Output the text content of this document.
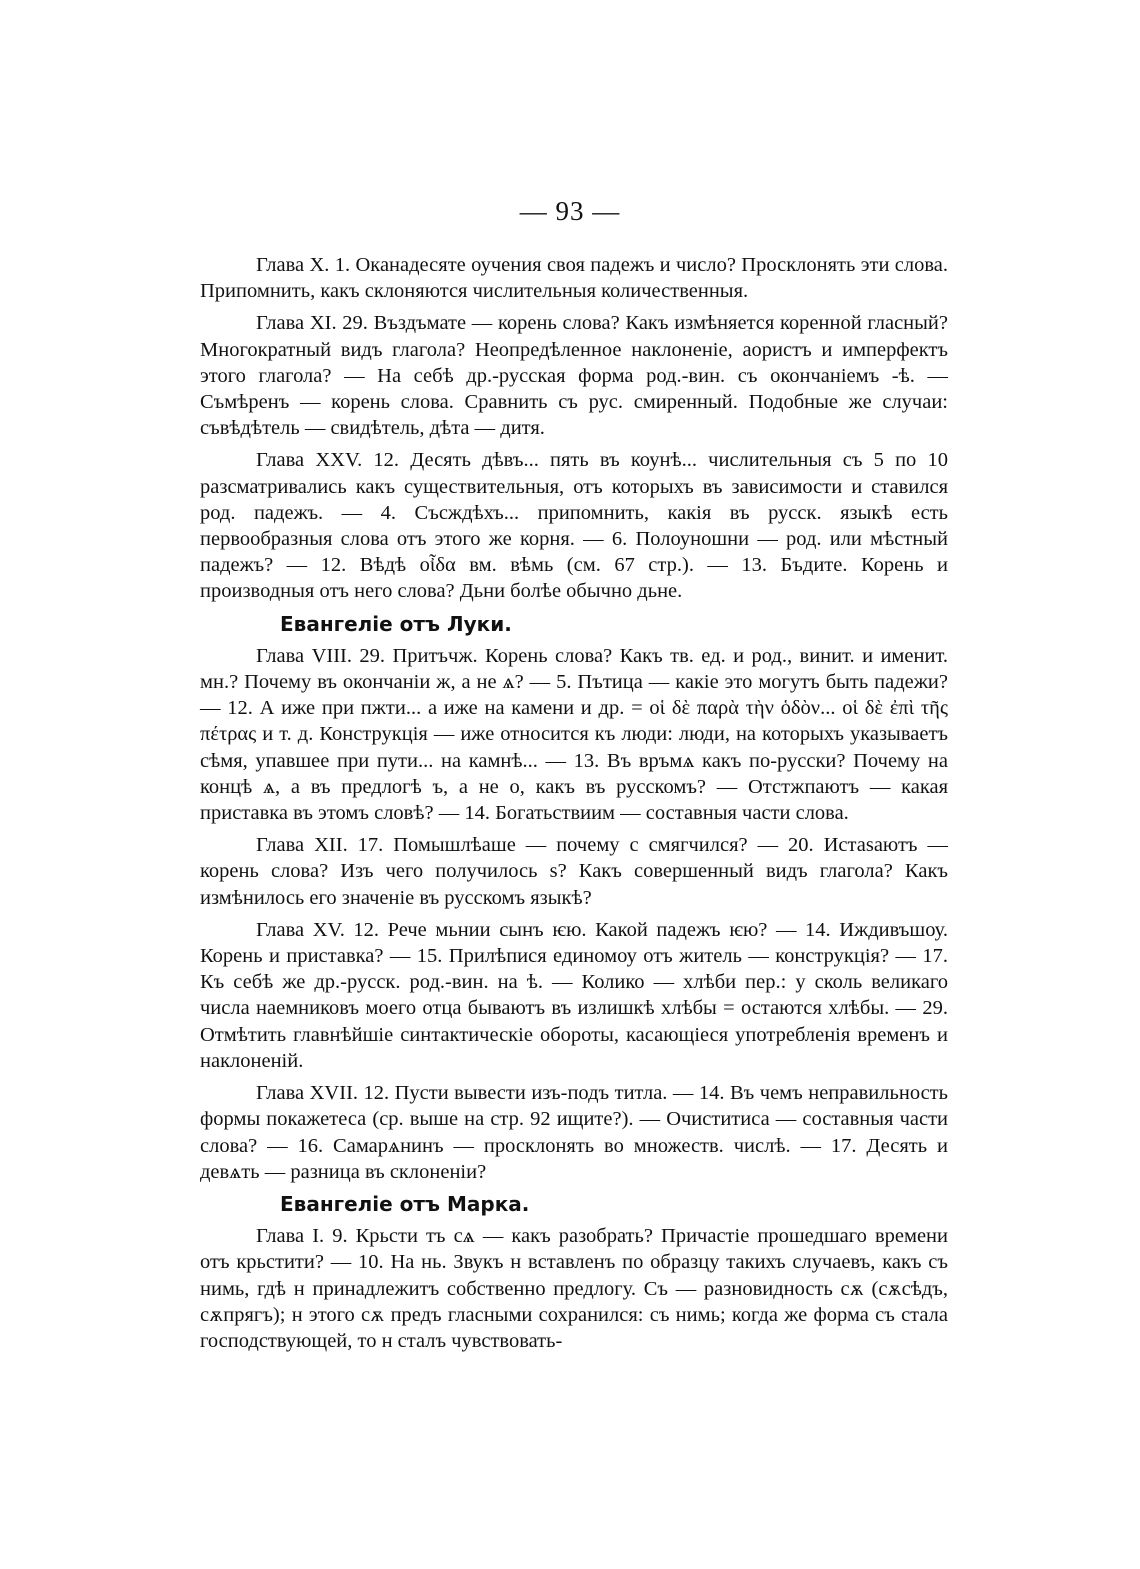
— 93 —

Глава X. 1. Оканадесяте оучения своя падежъ и число? Просклонять эти слова. Припомнить, какъ склоняются числительныя количественныя.

Глава XI. 29. Въздъмате — корень слова? Какъ измѣняется коренной гласный? Многократный видъ глагола? Неопредѣленное наклоненіе, аористъ и имперфектъ этого глагола? — На себѣ др.-русская форма род.-вин. съ окончаніемъ -ѣ. — Съмѣренъ — корень слова. Сравнить съ рус. смиренный. Подобные же случаи: съвѣдѣтель — свидѣтель, дѣта — дитя.

Глава XXV. 12. Десять дѣвъ... пять въ коунѣ... числительныя съ 5 по 10 разсматривались какъ существительныя, отъ которыхъ въ зависимости и ставился род. падежъ. — 4. Съсждѣхъ... припомнить, какія въ русск. языкѣ есть первообразныя слова отъ этого же корня. — 6. Полоуношни — род. или мѣстный падежъ? — 12. Вѣдѣ оἶδα вм. вѣмь (см. 67 стр.). — 13. Бъдите. Корень и производныя отъ него слова? Дьни болѣе обычно дьне.

Евангеліе отъ Луки.

Глава VIII. 29. Притъчж. Корень слова? Какъ тв. ед. и род., винит. и именит. мн.? Почему въ окончаніи ж, а не ѧ? — 5. Пътица — какіе это могутъ быть падежи? — 12. А иже при пжти... а иже на камени и др. = οἱ δὲ παρὰ τὴν ὁδὸν... οἱ δὲ ἐπὶ τῆς πέτρας и т. д. Конструкція — иже относится къ люди: люди, на которыхъ указываетъ сѣмя, упавшее при пути... на камнѣ... — 13. Въ връмѧ какъ по-русски? Почему на концѣ ѧ, а въ предлогѣ ъ, а не о, какъ въ русскомъ? — Отстжпаютъ — какая приставка въ этомъ словѣ? — 14. Богатьствиим — составныя части слова.

Глава XII. 17. Помышлѣаше — почему с смягчился? — 20. Истаѕаютъ — корень слова? Изъ чего получилось ѕ? Какъ совершенный видъ глагола? Какъ измѣнилось его значеніе въ русскомъ языкѣ?

Глава XV. 12. Рече мьнии сынъ ѥю. Какой падежъ ѥю? — 14. Иждивъшоу. Корень и приставка? — 15. Прилѣпися единомоу отъ житель — конструкція? — 17. Къ себѣ же др.-русск. род.-вин. на ѣ. — Колико — хлѣби пер.: у сколь великаго числа наемниковъ моего отца бываютъ въ излишкѣ хлѣбы = остаются хлѣбы. — 29. Отмѣтить главнѣйшіе синтактическіе обороты, касающіеся употребленія временъ и наклоненій.

Глава XVII. 12. Пусти вывести изъ-подъ титла. — 14. Въ чемъ неправильность формы покажетеса (ср. выше на стр. 92 ищите?). — Очиститиса — составныя части слова? — 16. Самарѧнинъ — просклонять во множеств. числѣ. — 17. Десять и девѧть — разница въ склоненіи?

Евангеліе отъ Марка.

Глава I. 9. Крьсти тъ сѧ — какъ разобрать? Причастіе прошедшаго времени отъ крьстити? — 10. На нь. Звукъ н вставленъ по образцу такихъ случаевъ, какъ съ нимь, гдѣ н принадлежитъ собственно предлогу. Съ — разновидность сѫ (сѫсѣдъ, сѫпрягъ); н этого сѫ предъ гласными сохранился: съ нимь; когда же форма съ стала господствующей, то н сталъ чувствовать-
